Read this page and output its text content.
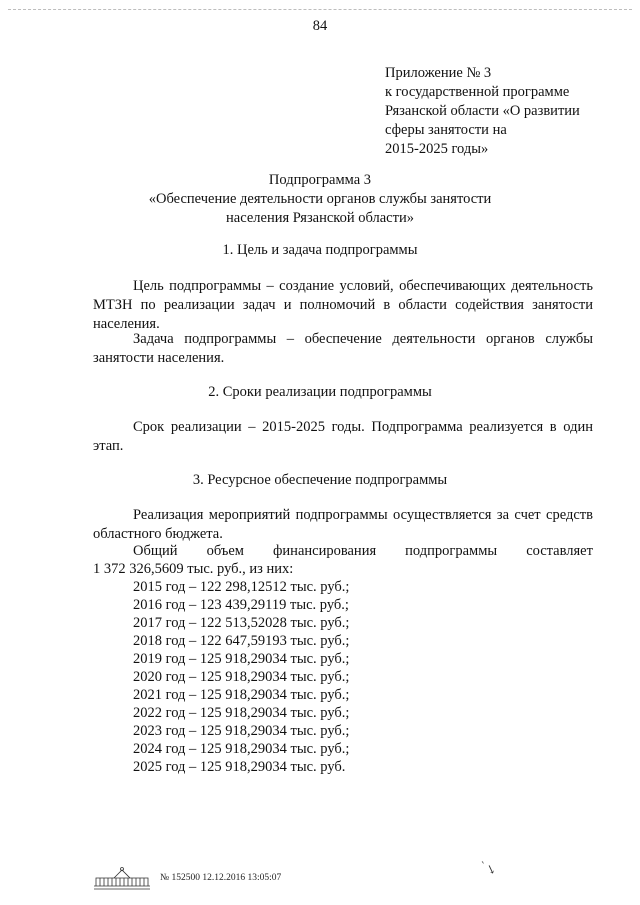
84
Приложение № 3
к государственной программе
Рязанской области «О развитии
сферы занятости на
2015-2025 годы»
Подпрограмма 3
«Обеспечение деятельности органов службы занятости
населения Рязанской области»
1. Цель и задача подпрограммы
Цель подпрограммы – создание условий, обеспечивающих деятельность МТЗН по реализации задач и полномочий в области содействия занятости населения.
Задача подпрограммы – обеспечение деятельности органов службы занятости населения.
2. Сроки реализации подпрограммы
Срок реализации – 2015-2025 годы. Подпрограмма реализуется в один этап.
3. Ресурсное обеспечение подпрограммы
Реализация мероприятий подпрограммы осуществляется за счет средств областного бюджета.
Общий объем финансирования подпрограммы составляет
1 372 326,5609 тыс. руб., из них:
2015 год – 122 298,12512 тыс. руб.;
2016 год – 123 439,29119 тыс. руб.;
2017 год – 122 513,52028 тыс. руб.;
2018 год – 122 647,59193 тыс. руб.;
2019 год – 125 918,29034 тыс. руб.;
2020 год – 125 918,29034 тыс. руб.;
2021 год – 125 918,29034 тыс. руб.;
2022 год – 125 918,29034 тыс. руб.;
2023 год – 125 918,29034 тыс. руб.;
2024 год – 125 918,29034 тыс. руб.;
2025 год – 125 918,29034 тыс. руб.
№ 152500 12.12.2016 13:05:07
` ↘
